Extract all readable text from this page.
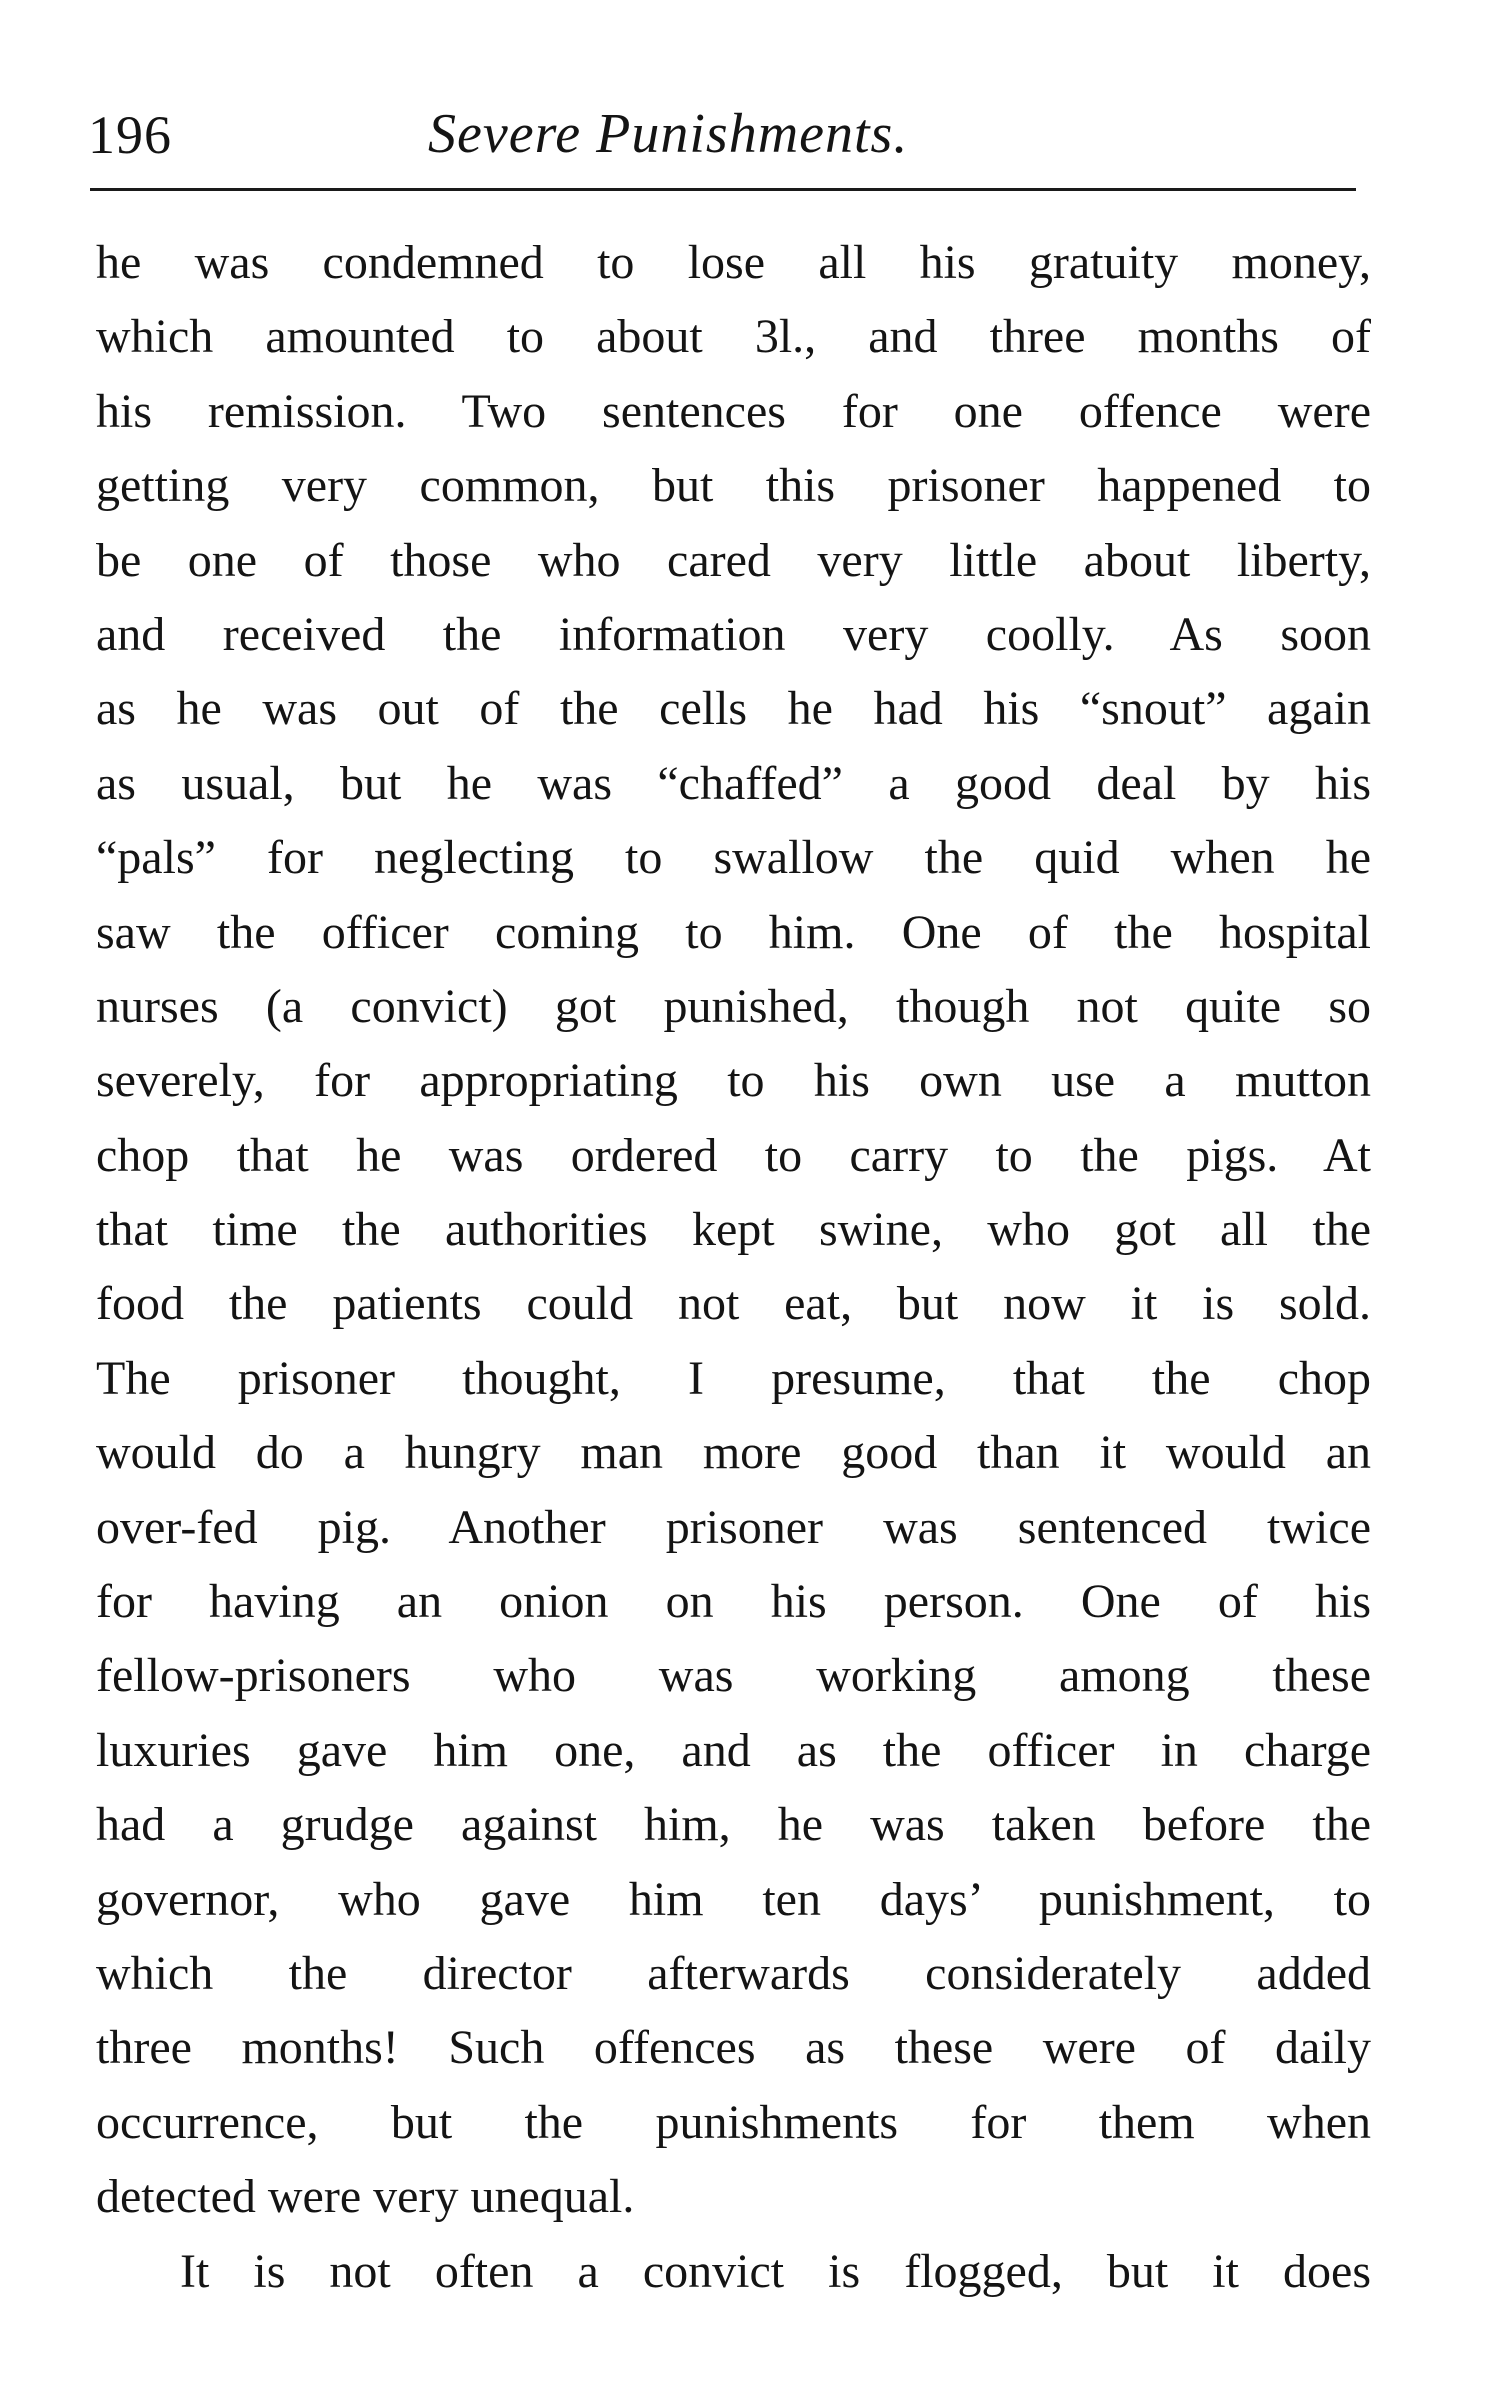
196	Severe Punishments.
he was condemned to lose all his gratuity money,
which amounted to about 3l., and three months of
his remission. Two sentences for one offence were
getting very common, but this prisoner happened to
be one of those who cared very little about liberty,
and received the information very coolly. As soon
as he was out of the cells he had his “snout” again
as usual, but he was “chaffed” a good deal by his
“pals” for neglecting to swallow the quid when he
saw the officer coming to him. One of the hospital
nurses (a convict) got punished, though not quite so
severely, for appropriating to his own use a mutton
chop that he was ordered to carry to the pigs. At
that time the authorities kept swine, who got all the
food the patients could not eat, but now it is sold.
The prisoner thought, I presume, that the chop
would do a hungry man more good than it would an
over-fed pig. Another prisoner was sentenced twice
for having an onion on his person. One of his
fellow-prisoners who was working among these
luxuries gave him one, and as the officer in charge
had a grudge against him, he was taken before the
governor, who gave him ten days’ punishment, to
which the director afterwards considerately added
three months! Such offences as these were of daily
occurrence, but the punishments for them when
detected were very unequal.
It is not often a convict is flogged, but it does
